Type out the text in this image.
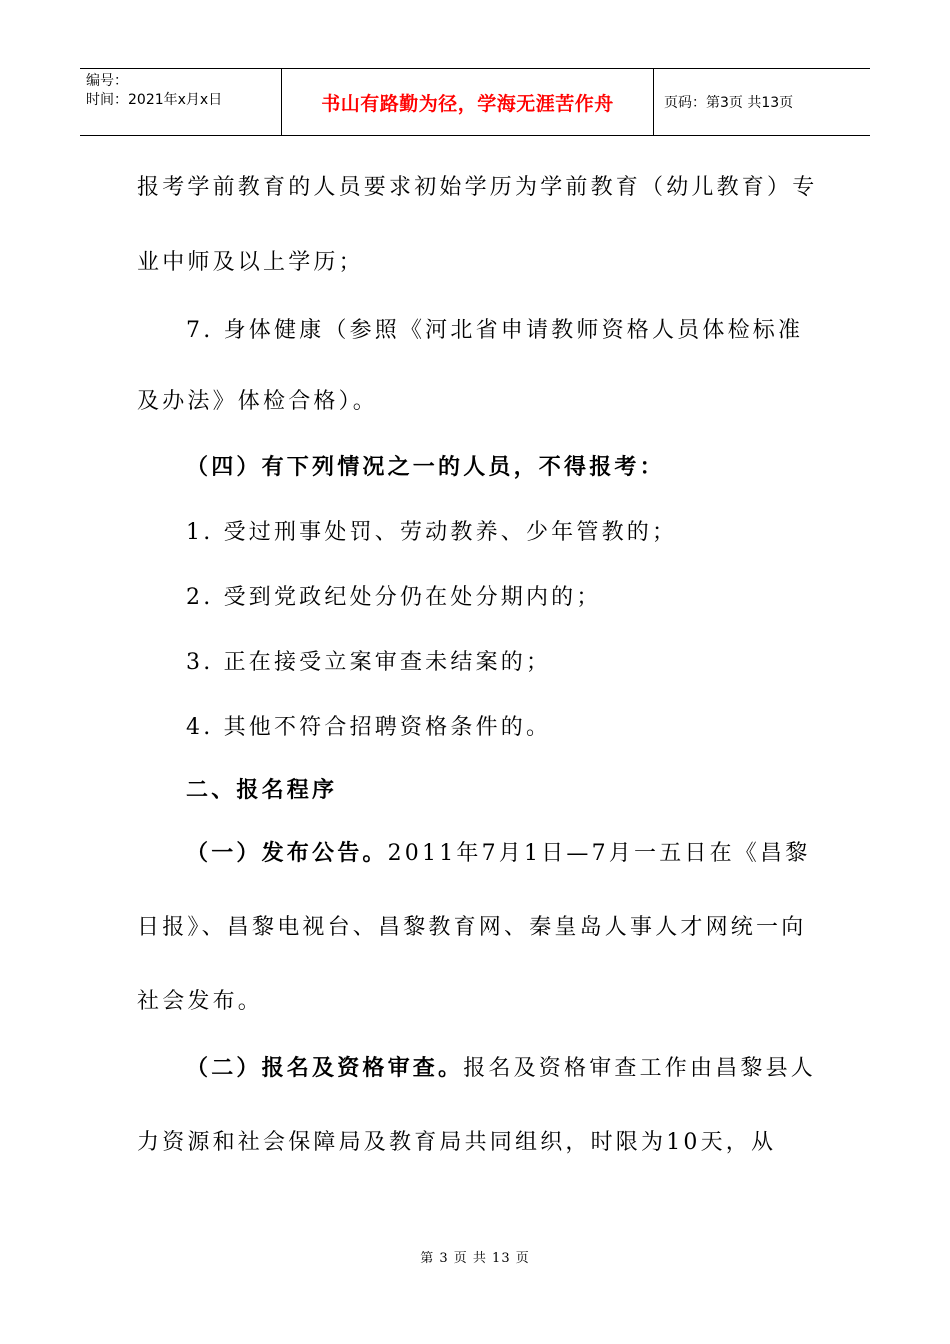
编号：
时间：2021年x月x日	书山有路勤为径，学海无涯苦作舟	页码：第3页 共13页
报考学前教育的人员要求初始学历为学前教育（幼儿教育）专
业中师及以上学历；
7. 身体健康（参照《河北省申请教师资格人员体检标准
及办法》体检合格）。
（四）有下列情况之一的人员，不得报考：
1. 受过刑事处罚、劳动教养、少年管教的；
2. 受到党政纪处分仍在处分期内的；
3. 正在接受立案审查未结案的；
4. 其他不符合招聘资格条件的。
二、报名程序
（一）发布公告。2011年7月1日—7月一五日在《昌黎
日报》、昌黎电视台、昌黎教育网、秦皇岛人事人才网统一向
社会发布。
（二）报名及资格审查。报名及资格审查工作由昌黎县人
力资源和社会保障局及教育局共同组织，时限为10天，从
第 3 页 共 13 页
